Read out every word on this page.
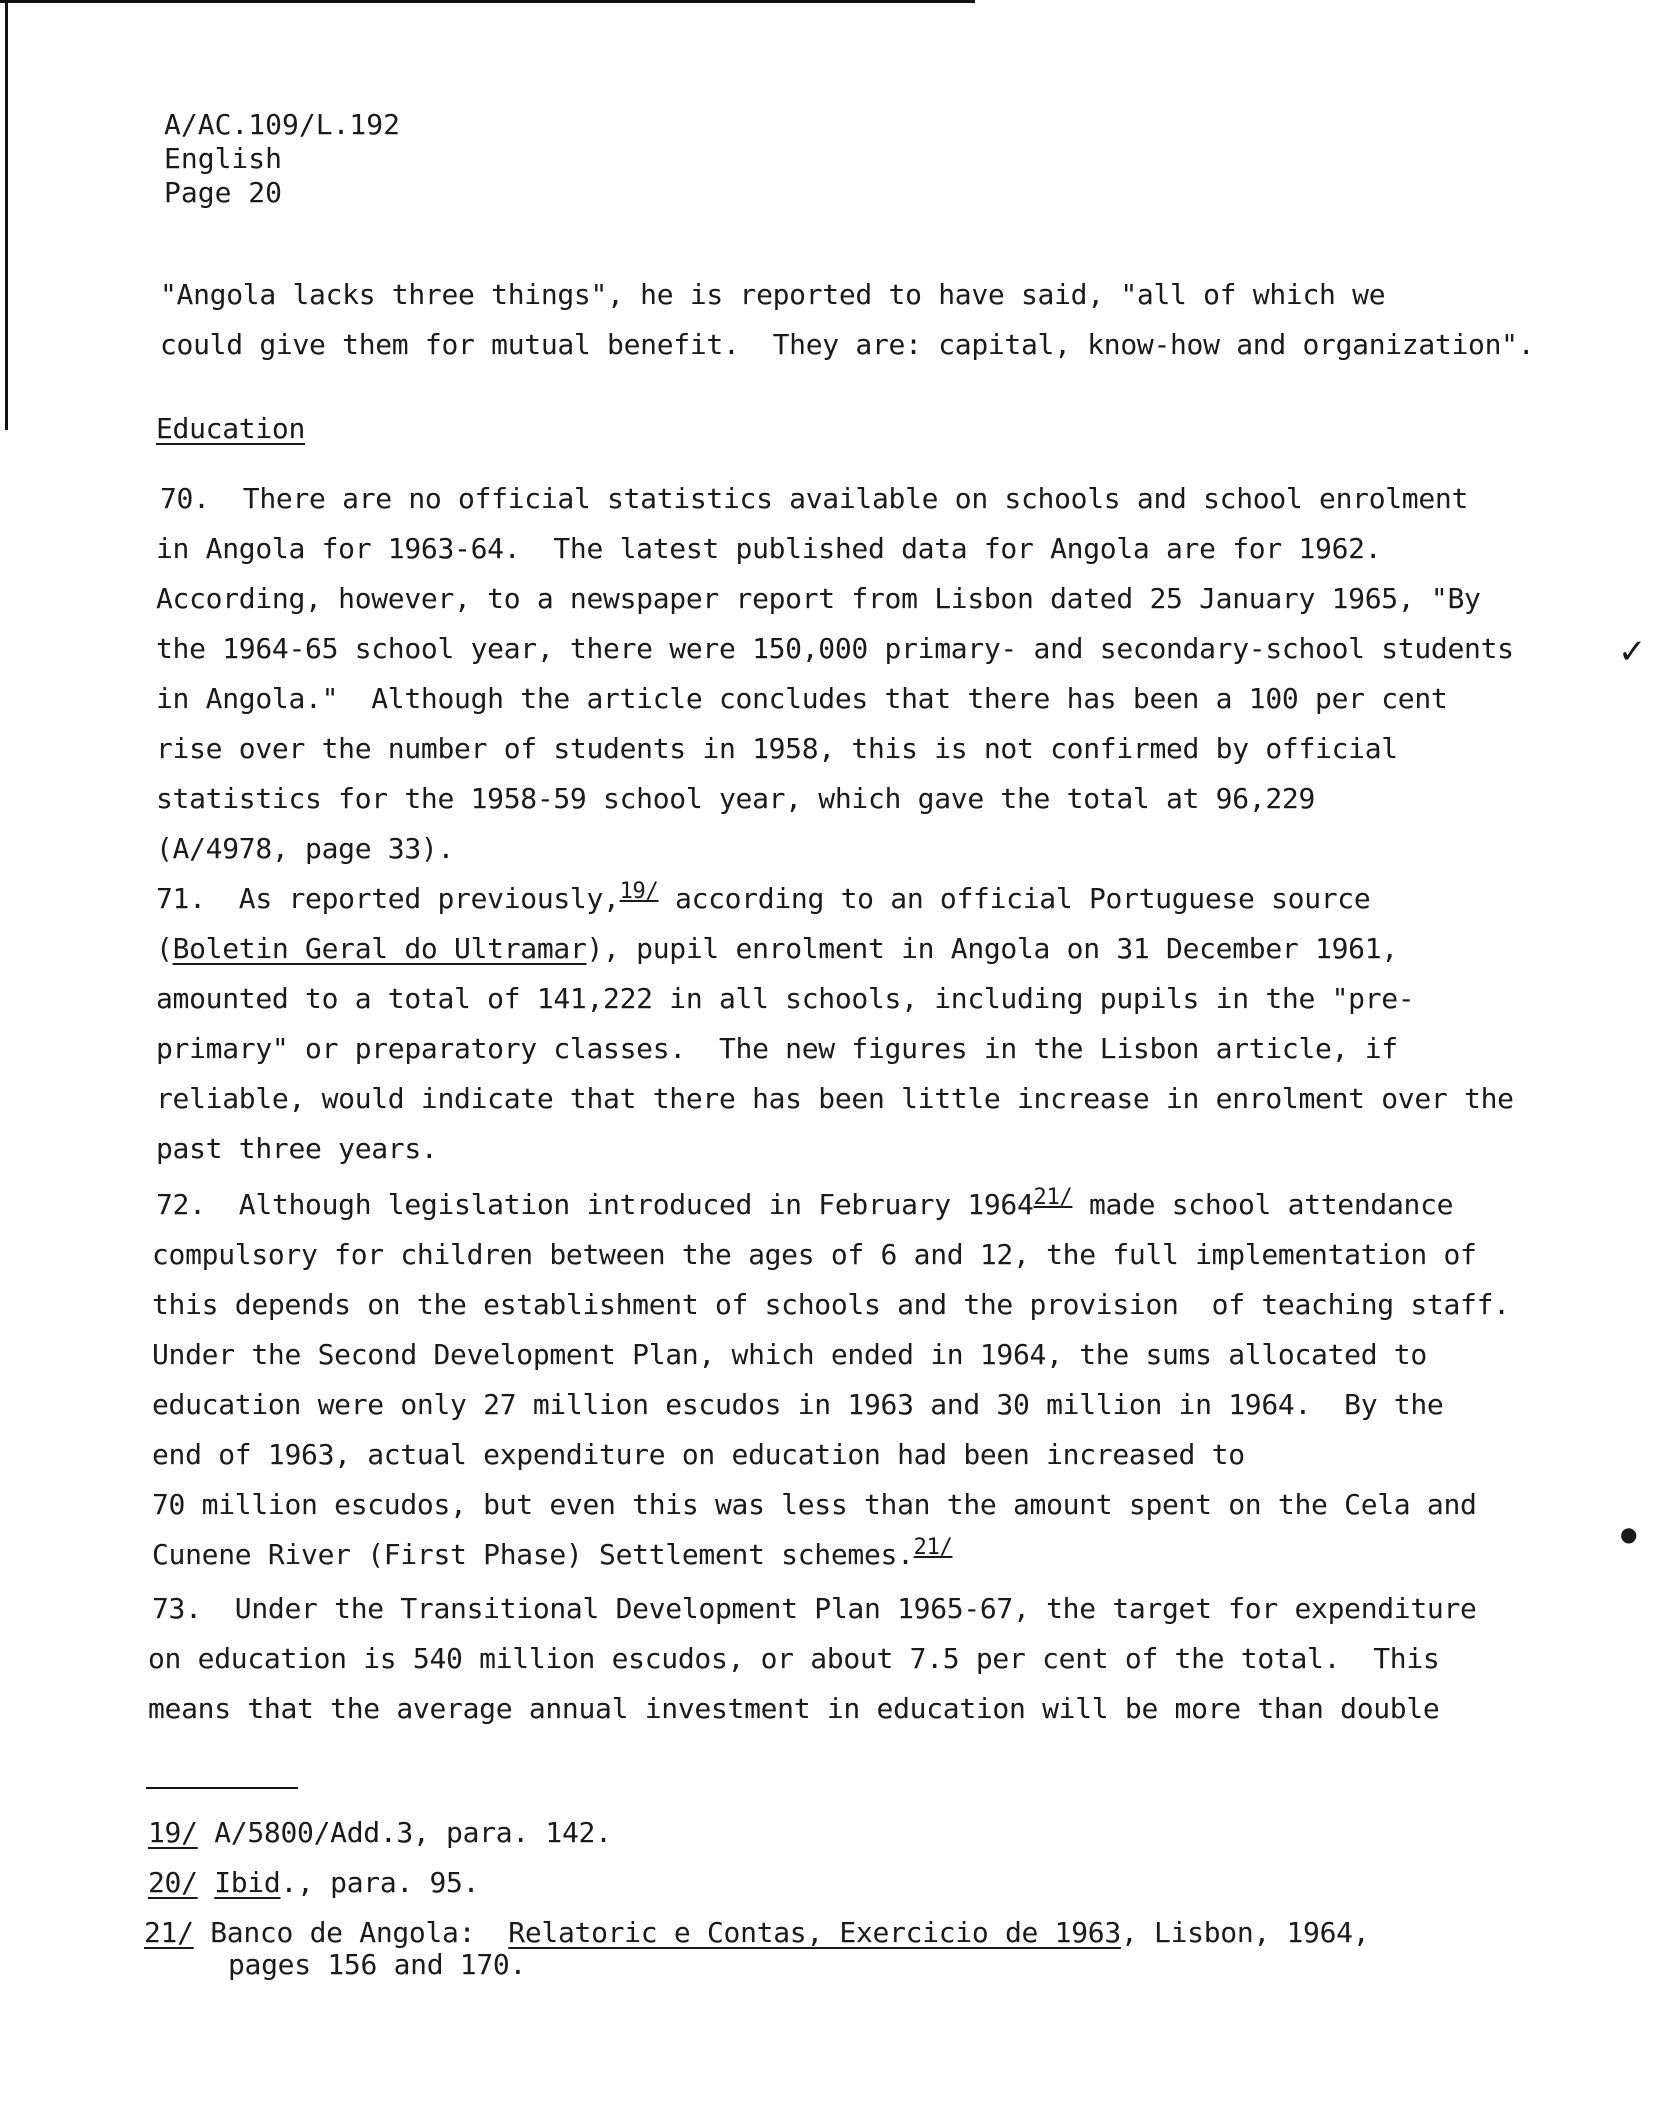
A/AC.109/L.192
English
Page 20
"Angola lacks three things", he is reported to have said, "all of which we
could give them for mutual benefit.  They are: capital, know-how and organization".
Education
70.  There are no official statistics available on schools and school enrolment
in Angola for 1963-64.  The latest published data for Angola are for 1962.
According, however, to a newspaper report from Lisbon dated 25 January 1965, "By
the 1964-65 school year, there were 150,000 primary- and secondary-school students
in Angola."  Although the article concludes that there has been a 100 per cent
rise over the number of students in 1958, this is not confirmed by official
statistics for the 1958-59 school year, which gave the total at 96,229
(A/4978, page 33).
71.  As reported previously,$^{19/}$ according to an official Portuguese source
(Boletin Geral do Ultramar), pupil enrolment in Angola on 31 December 1961,
amounted to a total of 141,222 in all schools, including pupils in the "pre-
primary" or preparatory classes.  The new figures in the Lisbon article, if
reliable, would indicate that there has been little increase in enrolment over the
past three years.
72.  Although legislation introduced in February 1964$^{21/}$ made school attendance
compulsory for children between the ages of 6 and 12, the full implementation of
this depends on the establishment of schools and the provision  of teaching staff.
Under the Second Development Plan, which ended in 1964, the sums allocated to
education were only 27 million escudos in 1963 and 30 million in 1964.  By the
end of 1963, actual expenditure on education had been increased to
70 million escudos, but even this was less than the amount spent on the Cela and
Cunene River (First Phase) Settlement schemes.$^{21/}$
73.  Under the Transitional Development Plan 1965-67, the target for expenditure
on education is 540 million escudos, or about 7.5 per cent of the total.  This
means that the average annual investment in education will be more than double
19/ A/5800/Add.3, para. 142.
20/ Ibid., para. 95.
21/ Banco de Angola:  Relatoric e Contas, Exercicio de 1963, Lisbon, 1964,
pages 156 and 170.
✓
●
